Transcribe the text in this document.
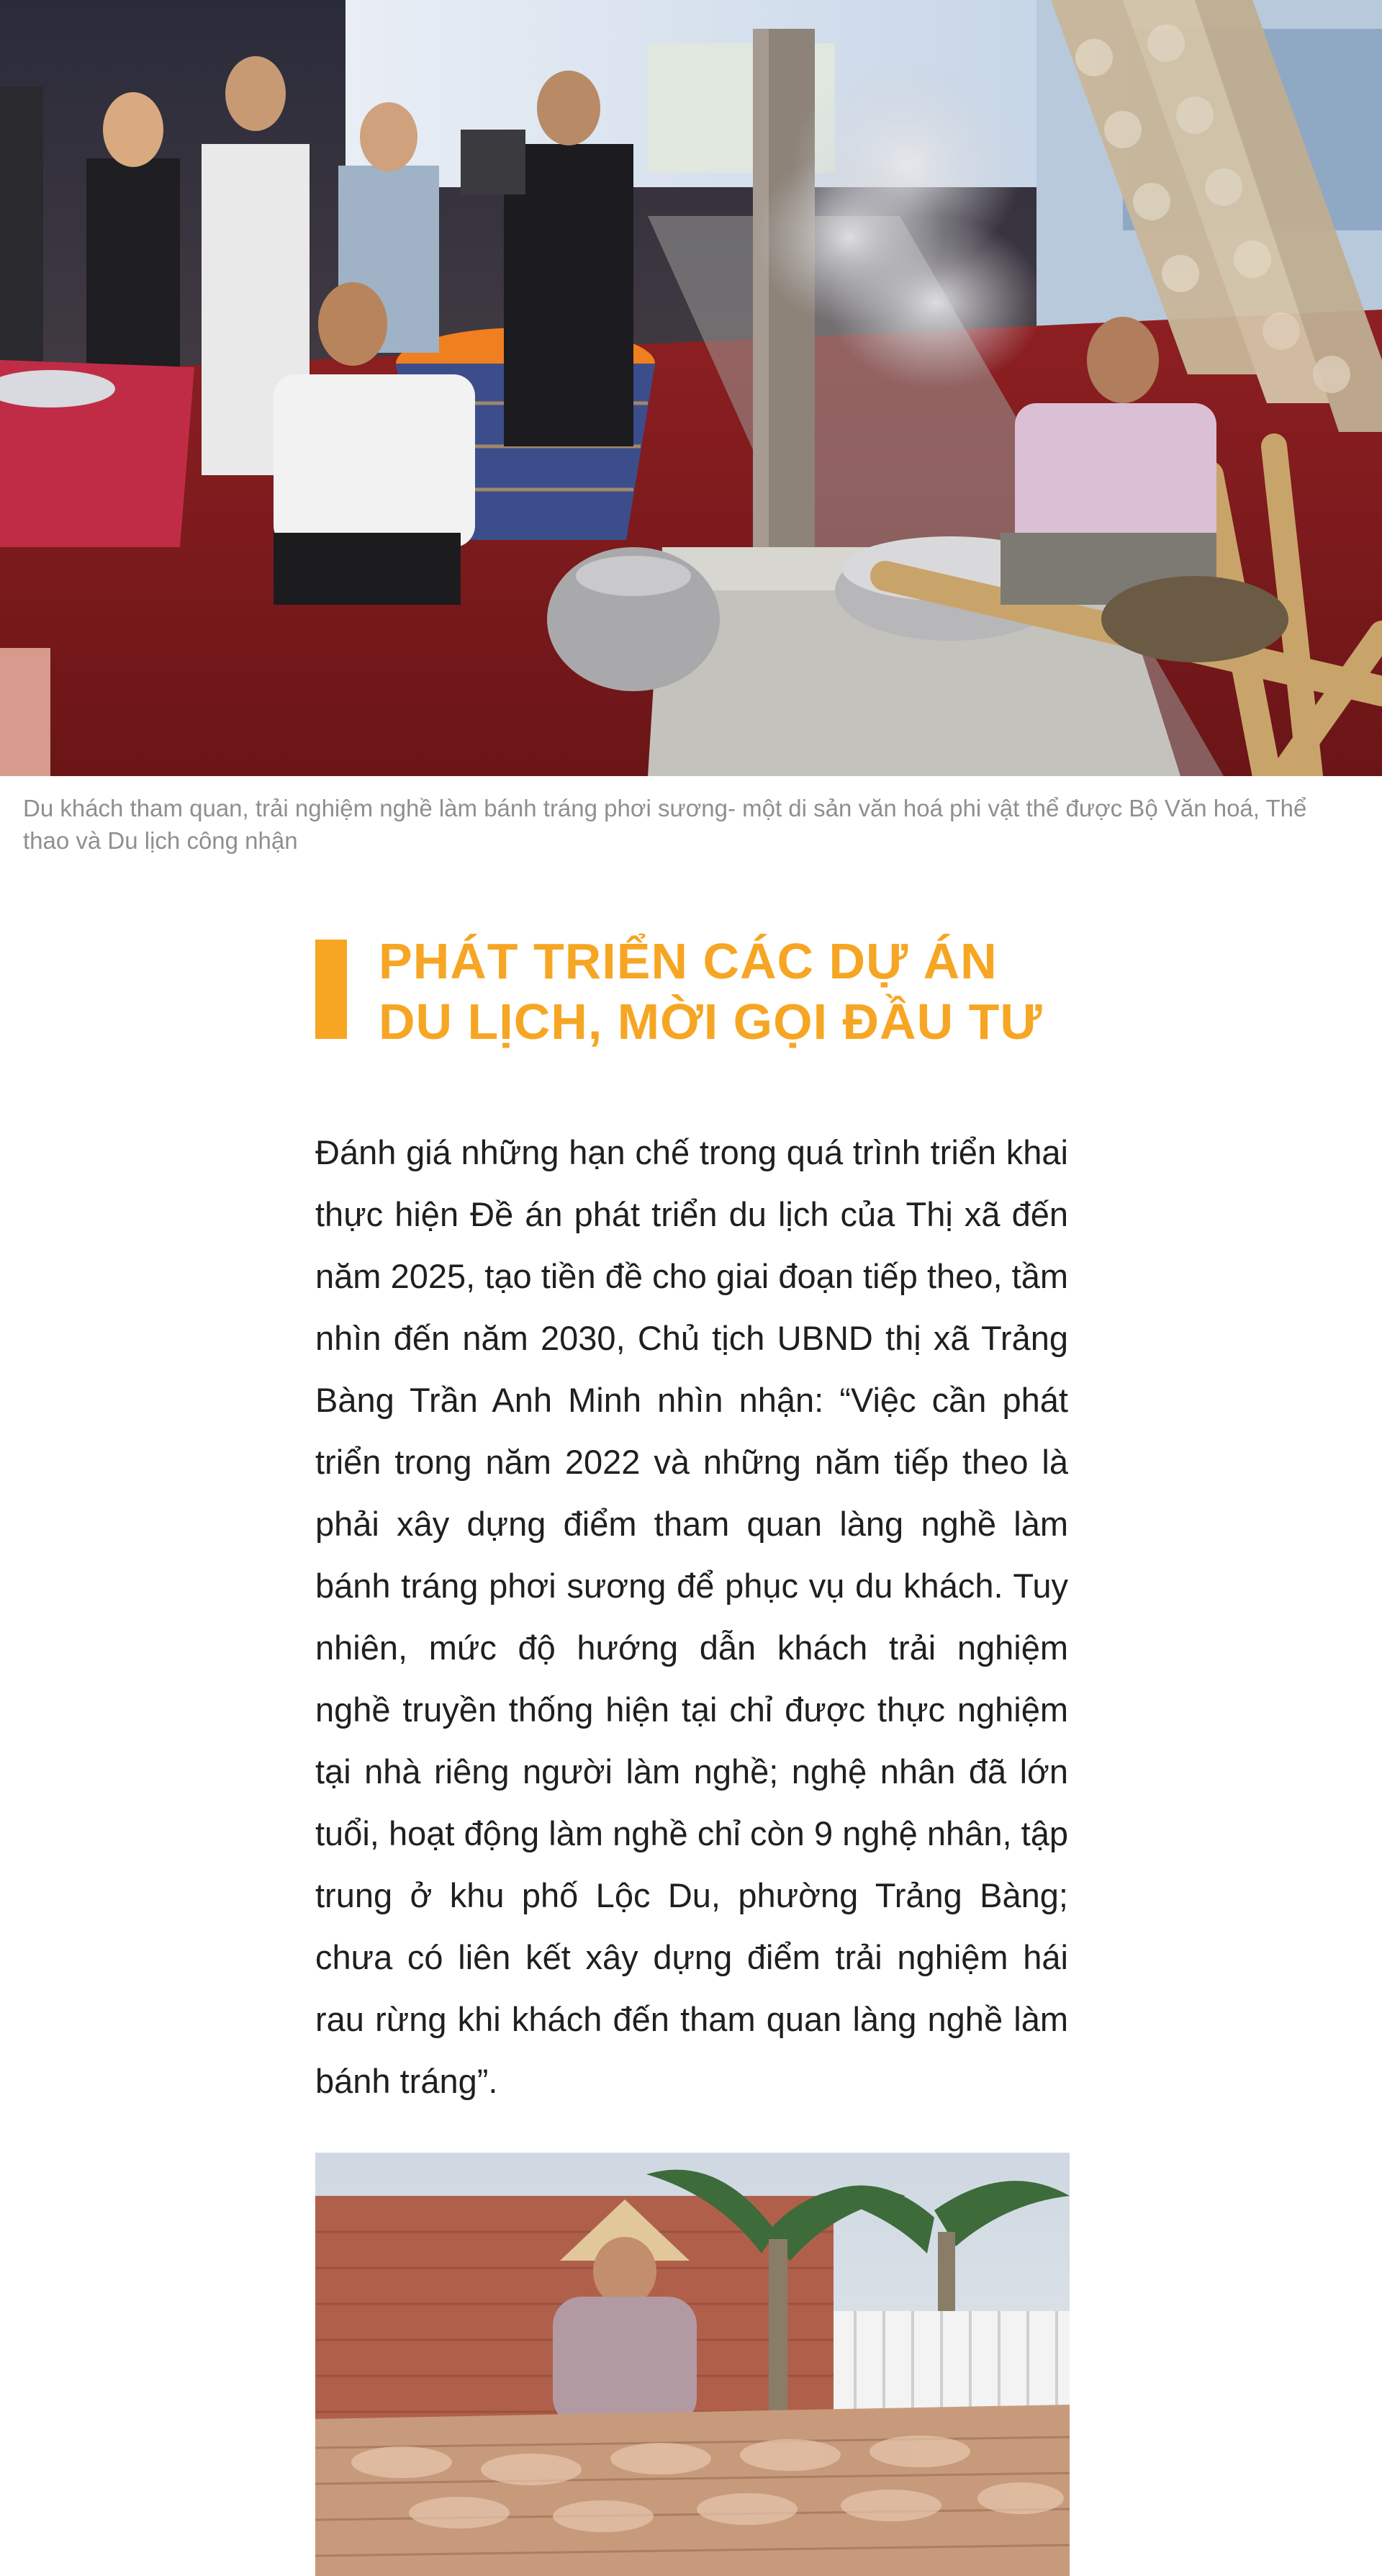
Du khách tham quan, trải nghiệm nghề làm bánh tráng phơi sương- một di sản văn hoá phi vật thể được Bộ Văn hoá, Thể thao và Du lịch công nhận

PHÁT TRIỂN CÁC DỰ ÁN
DU LỊCH, MỜI GỌI ĐẦU TƯ

Đánh giá những hạn chế trong quá trình triển khai thực hiện Đề án phát triển du lịch của Thị xã đến năm 2025, tạo tiền đề cho giai đoạn tiếp theo, tầm nhìn đến năm 2030, Chủ tịch UBND thị xã Trảng Bàng Trần Anh Minh nhìn nhận: “Việc cần phát triển trong năm 2022 và những năm tiếp theo là phải xây dựng điểm tham quan làng nghề làm bánh tráng phơi sương để phục vụ du khách. Tuy nhiên, mức độ hướng dẫn khách trải nghiệm nghề truyền thống hiện tại chỉ được thực nghiệm tại nhà riêng người làm nghề; nghệ nhân đã lớn tuổi, hoạt động làm nghề chỉ còn 9 nghệ nhân, tập trung ở khu phố Lộc Du, phường Trảng Bàng; chưa có liên kết xây dựng điểm trải nghiệm hái rau rừng khi khách đến tham quan làng nghề làm bánh tráng”.
